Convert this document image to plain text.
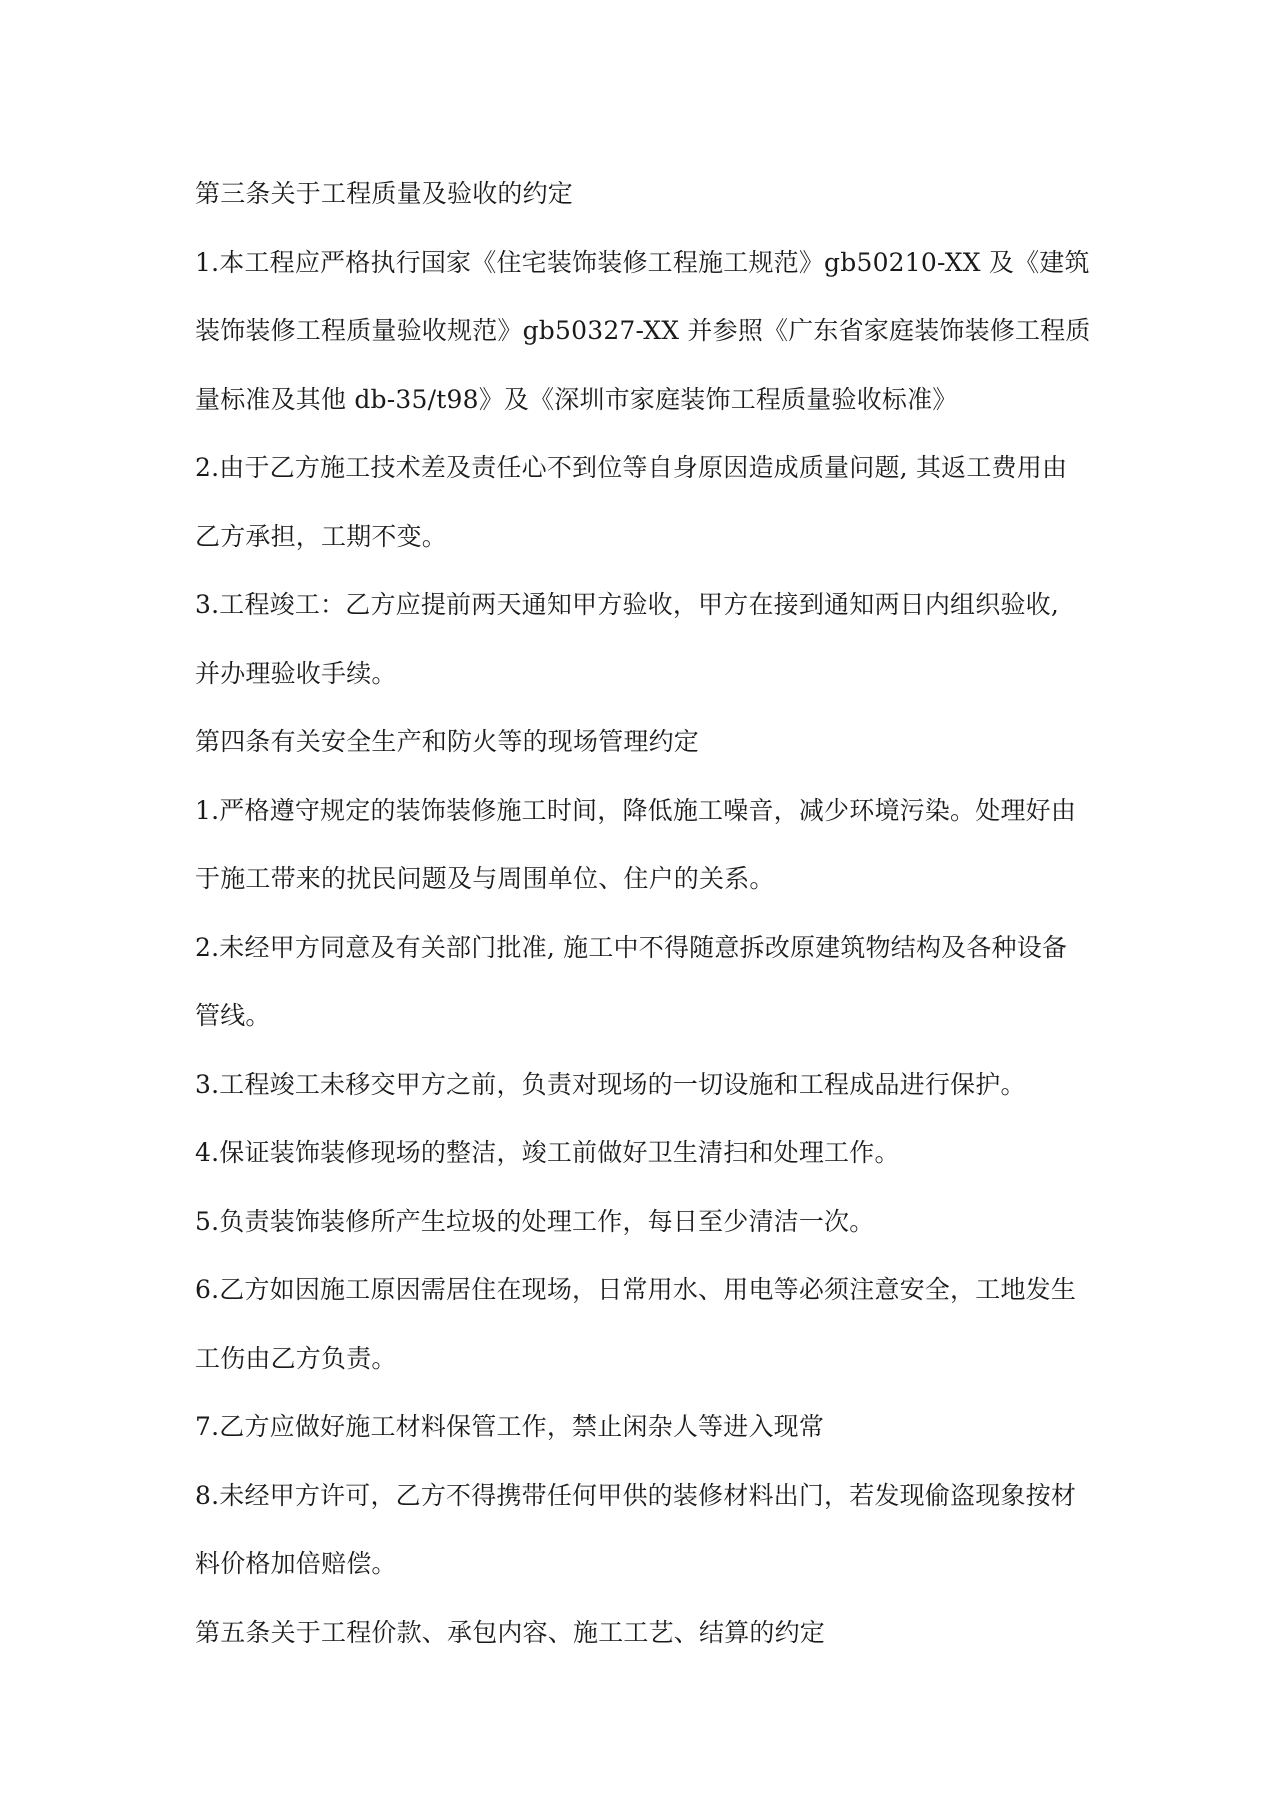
第三条关于工程质量及验收的约定
1.本工程应严格执行国家《住宅装饰装修工程施工规范》gb50210-XX 及《建筑
装饰装修工程质量验收规范》gb50327-XX 并参照《广东省家庭装饰装修工程质
量标准及其他 db-35/t98》及《深圳市家庭装饰工程质量验收标准》
2.由于乙方施工技术差及责任心不到位等自身原因造成质量问题, 其返工费用由
乙方承担，工期不变。
3.工程竣工：乙方应提前两天通知甲方验收，甲方在接到通知两日内组织验收,
并办理验收手续。
第四条有关安全生产和防火等的现场管理约定
1.严格遵守规定的装饰装修施工时间，降低施工噪音，减少环境污染。处理好由
于施工带来的扰民问题及与周围单位、住户的关系。
2.未经甲方同意及有关部门批准, 施工中不得随意拆改原建筑物结构及各种设备
管线。
3.工程竣工未移交甲方之前，负责对现场的一切设施和工程成品进行保护。
4.保证装饰装修现场的整洁，竣工前做好卫生清扫和处理工作。
5.负责装饰装修所产生垃圾的处理工作，每日至少清洁一次。
6.乙方如因施工原因需居住在现场，日常用水、用电等必须注意安全，工地发生
工伤由乙方负责。
7.乙方应做好施工材料保管工作，禁止闲杂人等进入现常
8.未经甲方许可，乙方不得携带任何甲供的装修材料出门，若发现偷盗现象按材
料价格加倍赔偿。
第五条关于工程价款、承包内容、施工工艺、结算的约定
